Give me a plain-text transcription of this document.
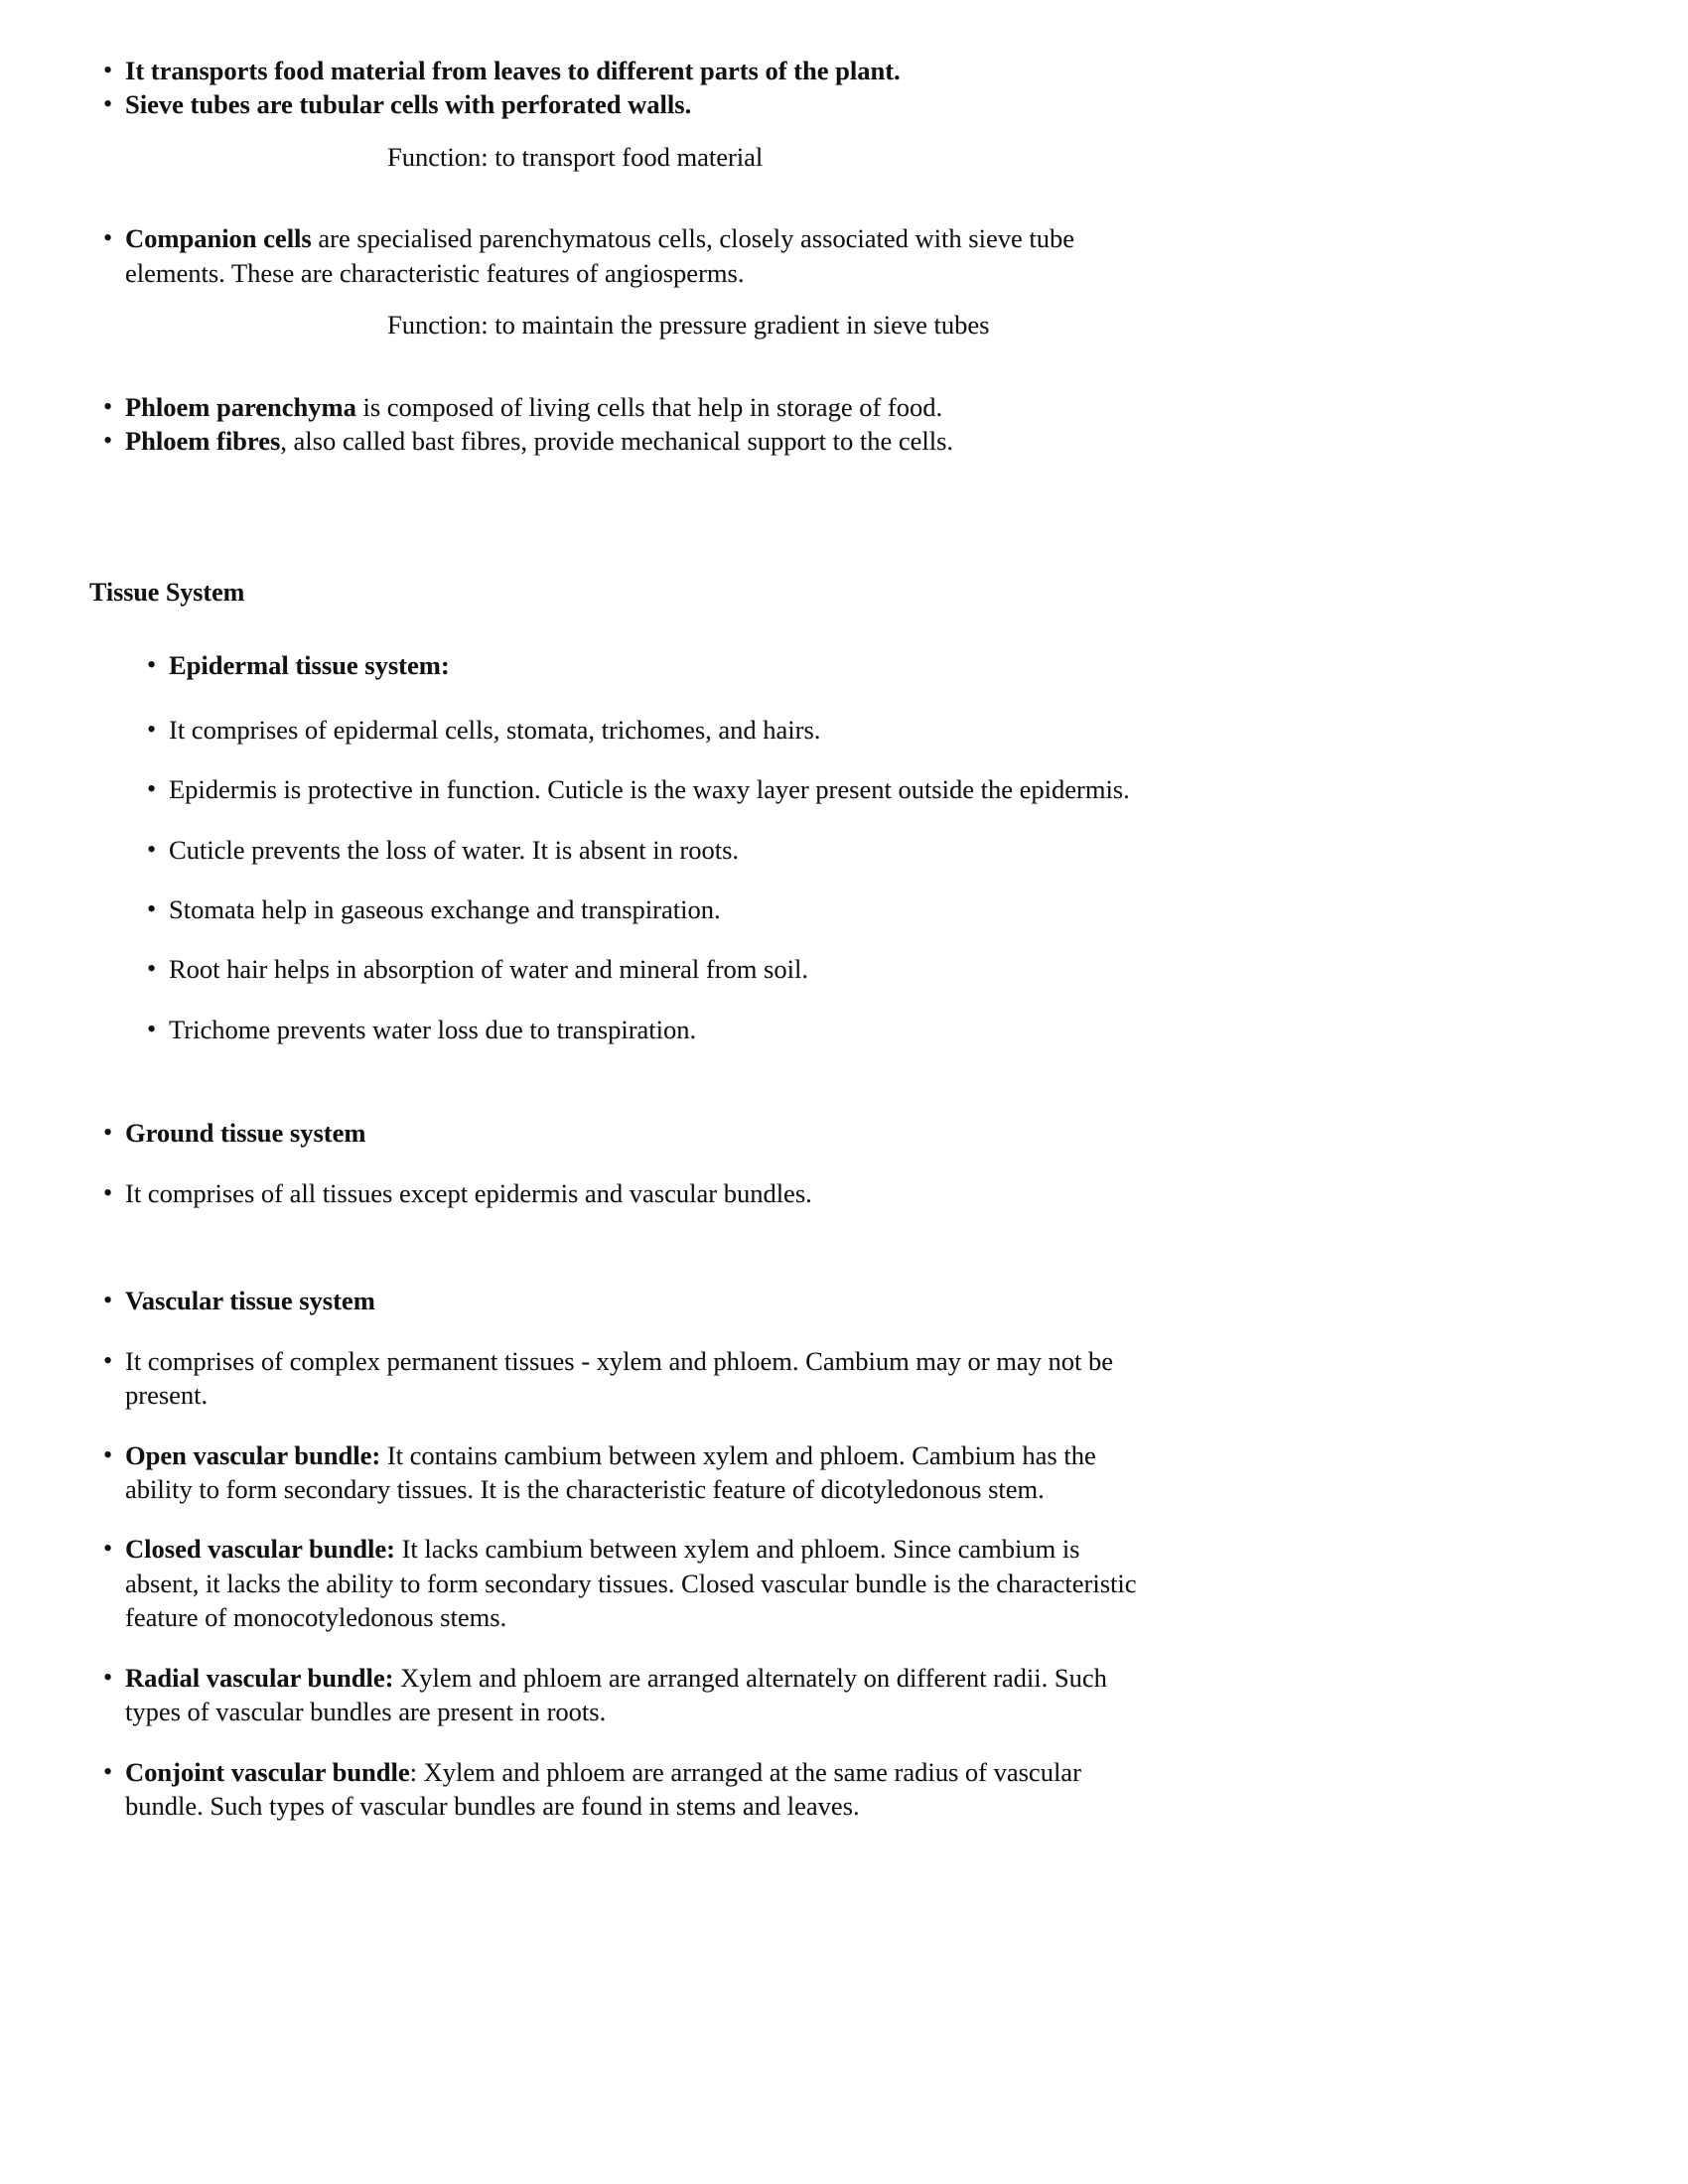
•
It transports food material from leaves to different parts of the plant.
•
Sieve tubes are tubular cells with perforated walls.
Function: to transport food material
•
Companion cells are specialised parenchymatous cells, closely associated with sieve tube elements. These are characteristic features of angiosperms.
Function: to maintain the pressure gradient in sieve tubes
•
Phloem parenchyma is composed of living cells that help in storage of food.
•
Phloem fibres, also called bast fibres, provide mechanical support to the cells.
Tissue System
•
Epidermal tissue system:
•
It comprises of epidermal cells, stomata, trichomes, and hairs.
•
Epidermis is protective in function. Cuticle is the waxy layer present outside the epidermis.
•
Cuticle prevents the loss of water. It is absent in roots.
•
Stomata help in gaseous exchange and transpiration.
•
Root hair helps in absorption of water and mineral from soil.
•
Trichome prevents water loss due to transpiration.
•
Ground tissue system
•
It comprises of all tissues except epidermis and vascular bundles.
•
Vascular tissue system
•
It comprises of complex permanent tissues - xylem and phloem. Cambium may or may not be present.
•
Open vascular bundle: It contains cambium between xylem and phloem. Cambium has the ability to form secondary tissues. It is the characteristic feature of dicotyledonous stem.
•
Closed vascular bundle: It lacks cambium between xylem and phloem. Since cambium is absent, it lacks the ability to form secondary tissues. Closed vascular bundle is the characteristic feature of monocotyledonous stems.
•
Radial vascular bundle: Xylem and phloem are arranged alternately on different radii. Such types of vascular bundles are present in roots.
•
Conjoint vascular bundle: Xylem and phloem are arranged at the same radius of vascular bundle. Such types of vascular bundles are found in stems and leaves.
